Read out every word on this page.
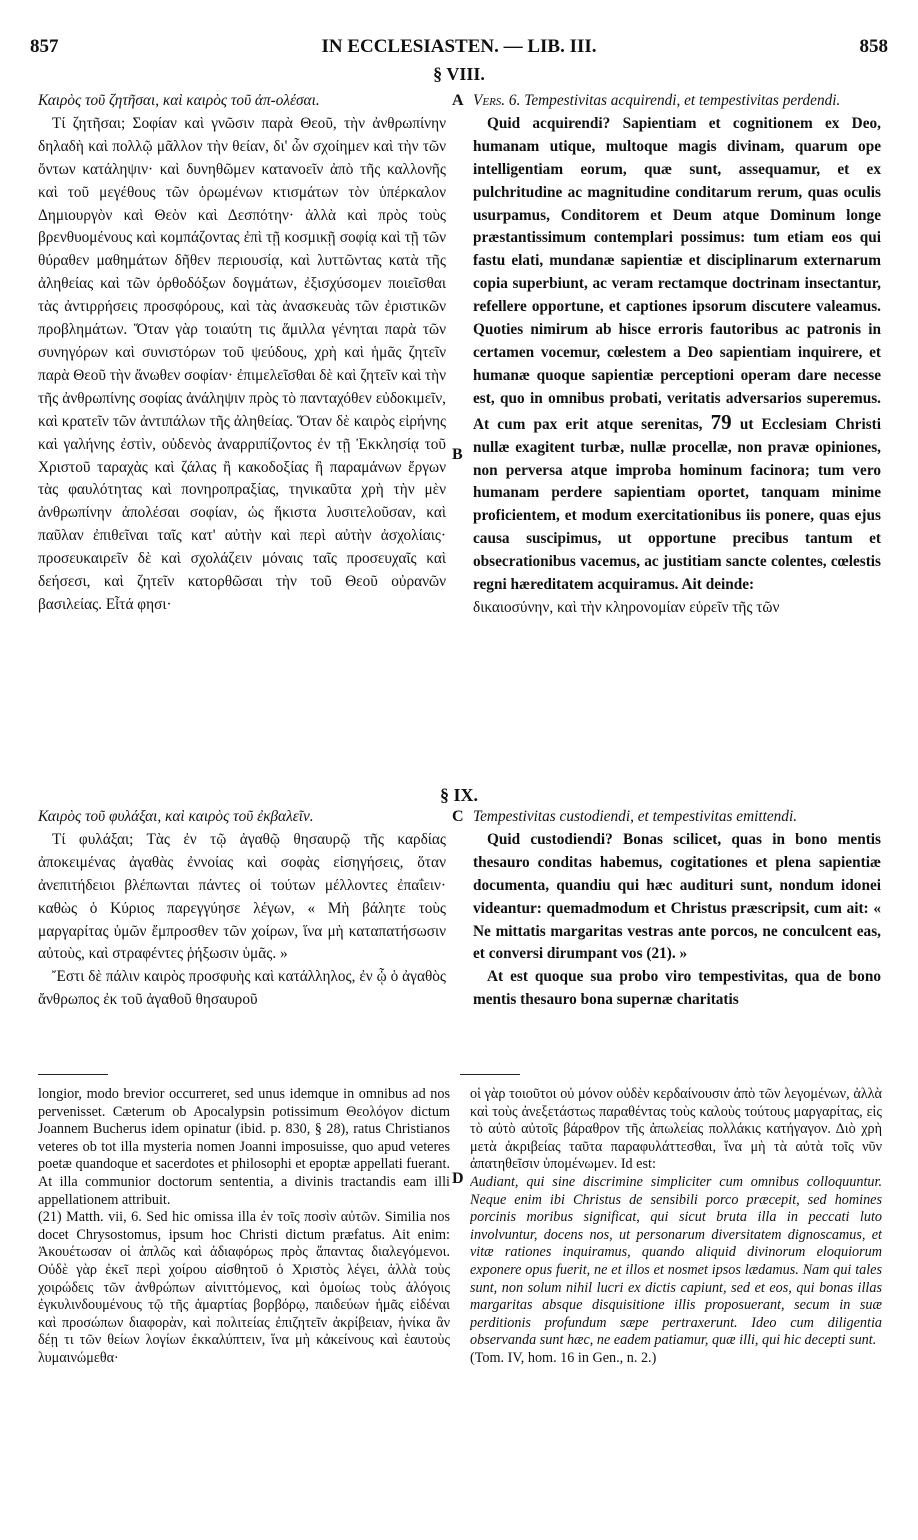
857	IN ECCLESIASTEN. — LIB. III.	858
§ VIII.

Καιρὸς τοῦ ζητῆσαι, καὶ καιρὸς τοῦ ἀπ-ολέσαι.

Τί ζητῆσαι; Σοφίαν καὶ γνῶσιν παρὰ Θεοῦ, τὴν ἀνθρωπίνην δηλαδὴ καὶ πολλῷ μᾶλλον τὴν θείαν, δι' ὧν σχοίημεν καὶ τὴν τῶν ὄντων κατάληψιν· καὶ δυνηθῶμεν κατανοεῖν ἀπὸ τῆς καλλονῆς καὶ τοῦ μεγέθους τῶν ὁρωμένων κτισμάτων τὸν ὑπέρκαλον Δημιουργὸν καὶ Θεὸν καὶ Δεσπότην· ἀλλὰ καὶ πρὸς τοὺς βρενθυομένους καὶ κομπάζοντας ἐπὶ τῇ κοσμικῇ σοφίᾳ καὶ τῇ τῶν θύραθεν μαθημάτων δῆθεν περιουσίᾳ, καὶ λυττῶντας κατὰ τῆς ἀληθείας καὶ τῶν ὀρθοδόξων δογμάτων, ἐξισχύσομεν ποιεῖσθαι τὰς ἀντιρρήσεις προσφόρους, καὶ τὰς ἀνασκευὰς τῶν ἐριστικῶν προβλημάτων. Ὅταν γὰρ τοιαύτη τις ἅμιλλα γένηται παρὰ τῶν συνηγόρων καὶ συνιστόρων τοῦ ψεύδους, χρὴ καὶ ἡμᾶς ζητεῖν παρὰ Θεοῦ τὴν ἄνωθεν σοφίαν· ἐπιμελεῖσθαι δὲ καὶ ζητεῖν καὶ τὴν τῆς ἀνθρωπίνης σοφίας ἀνάληψιν πρὸς τὸ πανταχόθεν εὐδοκιμεῖν, καὶ κρατεῖν τῶν ἀντιπάλων τῆς ἀληθείας. Ὅταν δὲ καιρὸς εἰρήνης καὶ γαλήνης ἐστὶν, οὐδενὸς ἀναρριπίζοντος ἐν τῇ Ἐκκλησίᾳ τοῦ Χριστοῦ ταραχὰς καὶ ζάλας ἢ κακοδοξίας ἢ παραμάνων ἔργων τὰς φαυλότητας καὶ πονηροπραξίας, τηνικαῦτα χρὴ τὴν μὲν ἀνθρωπίνην ἀπολέσαι σοφίαν, ὡς ἥκιστα λυσιτελοῦσαν, καὶ παῦλαν ἐπιθεῖναι ταῖς κατ' αὐτὴν καὶ περὶ αὐτὴν ἀσχολίαις· προσευκαιρεῖν δὲ καὶ σχολάζειν μόναις ταῖς προσευχαῖς καὶ δεήσεσι, καὶ ζητεῖν κατορθῶσαι τὴν τοῦ Θεοῦ οὐρανῶν βασιλείας. Εἶτά φησι·

Vers. 6. Tempestivitas acquirendi, et tempestivitas perdendi.

Quid acquirendi? Sapientiam et cognitionem ex Deo, humanam utique, multoque magis divinam, quarum ope intelligentiam eorum, quæ sunt, assequamur, et ex pulchritudine ac magnitudine conditarum rerum, quas oculis usurpamus, Conditorem et Deum atque Dominum longe præstantissimum contemplari possimus: tum etiam eos qui fastu elati, mundanæ sapientiæ et disciplinarum externarum copia superbiunt, ac veram rectamque doctrinam insectantur, refellere opportune, et captiones ipsorum discutere valeamus. Quoties nimirum ab hisce erroris fautoribus ac patronis in certamen vocemur, cœlestem a Deo sapientiam inquirere, et humanæ quoque sapientiæ perceptioni operam dare necesse est, quo in omnibus probati, veritatis adversarios superemus. At cum pax erit atque serenitas, 79 ut Ecclesiam Christi nullæ exagitent turbæ, nullæ procellæ, non pravæ opiniones, non perversa atque improba hominum facinora; tum vero humanam perdere sapientiam oportet, tanquam minime proficientem, et modum exercitationibus iis ponere, quas ejus causa suscipimus, ut opportune precibus tantum et obsecrationibus vacemus, ac justitiam sancte colentes, cœlestis regni hæreditatem acquiramus. Ait deinde:

δικαιοσύνην, καὶ τὴν κληρονομίαν εὑρεῖν τῆς τῶν

§ IX.

Καιρὸς τοῦ φυλάξαι, καὶ καιρὸς τοῦ ἐκβαλεῖν.

Τί φυλάξαι; Τὰς ἐν τῷ ἀγαθῷ θησαυρῷ τῆς καρδίας ἀποκειμένας ἀγαθὰς ἐννοίας καὶ σοφὰς εἰσηγήσεις, ὅταν ἀνεπιτήδειοι βλέπωνται πάντες οἱ τούτων μέλλοντες ἐπαΐειν· καθὼς ὁ Κύριος παρεγγύησε λέγων, « Μὴ βάλητε τοὺς μαργαρίτας ὑμῶν ἔμπροσθεν τῶν χοίρων, ἵνα μὴ καταπατήσωσιν αὐτοὺς, καὶ στραφέντες ῥήξωσιν ὑμᾶς. »

Ἔστι δὲ πάλιν καιρὸς προσφυὴς καὶ κατάλληλος, ἐν ᾧ ὁ ἀγαθὸς ἄνθρωπος ἐκ τοῦ ἀγαθοῦ θησαυροῦ

Tempestivitas custodiendi, et tempestivitas emittendi.

Quid custodiendi? Bonas scilicet, quas in bono mentis thesauro conditas habemus, cogitationes et plena sapientiæ documenta, quandiu qui hæc audituri sunt, nondum idonei videantur: quemadmodum et Christus præscripsit, cum ait: « Ne mittatis margaritas vestras ante porcos, ne conculcent eas, et conversi dirumpant vos (21). »

At est quoque sua probo viro tempestivitas, qua de bono mentis thesauro bona supernæ charitatis

A
B
C
D

longior, modo brevior occurreret, sed unus idemque in omnibus ad nos pervenisset. Cæterum ob Apocalypsin potissimum Θεολόγον dictum Joannem Bucherus idem opinatur (ibid. p. 830, § 28), ratus Christianos veteres ob tot illa mysteria nomen Joanni imposuisse, quo apud veteres poetæ quandoque et sacerdotes et philosophi et epoptæ appellati fuerant. At illa communior doctorum sententia, a divinis tractandis eam illi appellationem attribuit.

(21) Matth. vii, 6. Sed hic omissa illa ἐν τοῖς ποσὶν αὐτῶν. Similia nos docet Chrysostomus, ipsum hoc Christi dictum præfatus. Ait enim: Ἀκουέτωσαν οἱ ἁπλῶς καὶ ἀδιαφόρως πρὸς ἅπαντας διαλεγόμενοι. Οὐδὲ γὰρ ἐκεῖ περὶ χοίρου αἰσθητοῦ ὁ Χριστὸς λέγει, ἀλλὰ τοὺς χοιρώδεις τῶν ἀνθρώπων αἰνιττόμενος, καὶ ὁμοίως τοὺς ἀλόγοις ἐγκυλινδουμένους τῷ τῆς ἁμαρτίας βορβόρῳ, παιδεύων ἡμᾶς εἰδέναι καὶ προσώπων διαφορὰν, καὶ πολιτείας ἐπιζητεῖν ἀκρίβειαν, ἡνίκα ἂν δέῃ τι τῶν θείων λογίων ἐκκαλύπτειν, ἵνα μὴ κἀκείνους καὶ ἑαυτοὺς λυμαινώμεθα·

οἱ γὰρ τοιοῦτοι οὐ μόνον οὐδὲν κερδαίνουσιν ἀπὸ τῶν λεγομένων, ἀλλὰ καὶ τοὺς ἀνεξετάστως παραθέντας τοὺς καλοὺς τούτους μαργαρίτας, εἰς τὸ αὐτὸ αὐτοῖς βάραθρον τῆς ἀπωλείας πολλάκις κατήγαγον. Διὸ χρὴ μετὰ ἀκριβείας ταῦτα παραφυλάττεσθαι, ἵνα μὴ τὰ αὐτὰ τοῖς νῦν ἀπατηθεῖσιν ὑπομένωμεν. Id est:

Audiant, qui sine discrimine simpliciter cum omnibus colloquuntur. Neque enim ibi Christus de sensibili porco præcepit, sed homines porcinis moribus significat, qui sicut bruta illa in peccati luto involvuntur, docens nos, ut personarum diversitatem dignoscamus, et vitæ rationes inquiramus, quando aliquid divinorum eloquiorum exponere opus fuerit, ne et illos et nosmet ipsos lædamus. Nam qui tales sunt, non solum nihil lucri ex dictis capiunt, sed et eos, qui bonas illas margaritas absque disquisitione illis proposuerant, secum in suæ perditionis profundum sæpe pertraxerunt. Ideo cum diligentia observanda sunt hæc, ne eadem patiamur, quæ illi, qui hic decepti sunt.

(Tom. IV, hom. 16 in Gen., n. 2.)
